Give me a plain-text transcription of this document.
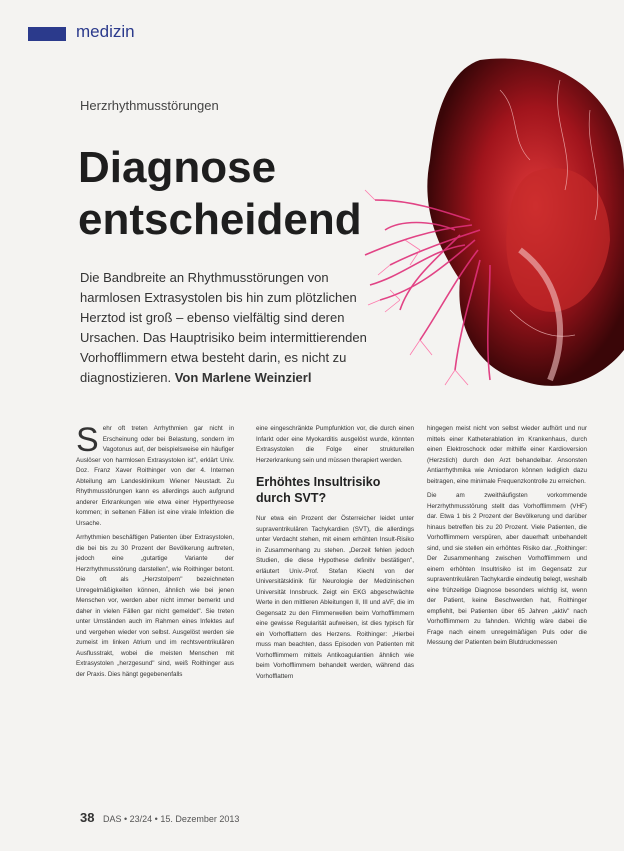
medizin
Herzrhythmusstörungen
Diagnose
entscheidend
Die Bandbreite an Rhythmusstörungen von harmlosen Extrasystolen bis hin zum plötzlichen Herztod ist groß – ebenso vielfältig sind deren Ursachen. Das Hauptrisiko beim intermittierenden Vorhofflimmern etwa besteht darin, es nicht zu diagnostizieren. Von Marlene Weinzierl

Sehr oft treten Arrhythmien gar nicht in Erscheinung oder bei Belastung, sondern im Vagotonus auf, der beispielsweise ein häufiger Auslöser von harmlosen Extrasystolen ist", erklärt Univ. Doz. Franz Xaver Roithinger von der 4. Internen Abteilung am Landesklinikum Wiener Neustadt. Zu Rhythmusstörungen kann es allerdings auch aufgrund anderer Erkrankungen wie etwa einer Hyperthyreose kommen; in seltenen Fällen ist eine virale Infektion die Ursache.

Arrhythmien beschäftigen Patienten über Extrasystolen, die bei bis zu 30 Prozent der Bevölkerung auftreten, jedoch eine „gutartige Variante der Herzrhythmusstörung darstellen", wie Roithinger betont. Die oft als „Herzstolpern" bezeichneten Unregelmäßigkeiten können, ähnlich wie bei jenen Menschen vor, werden aber nicht immer bemerkt und daher in vielen Fällen gar nicht gemeldet". Sie treten unter Umständen auch im Rahmen eines Infektes auf und vergehen wieder von selbst. Ausgelöst werden sie zumeist im linken Atrium und im rechtsventrikulären Ausflusstrakt, wobei die meisten Menschen mit Extrasystolen „herzgesund" sind, weiß Roithinger aus der Praxis. Dies hängt gegebenenfalls

eine eingeschränkte Pumpfunktion vor, die durch einen Infarkt oder eine Myokarditis ausgelöst wurde, könnten Extrasystolen die Folge einer strukturellen Herzerkrankung sein und müssen therapiert werden.

Erhöhtes Insultrisiko durch SVT?

Nur etwa ein Prozent der Österreicher leidet unter supraventrikulären Tachykardien (SVT), die allerdings unter Verdacht stehen, mit einem erhöhten Insult-Risiko in Zusammenhang zu stehen. „Derzeit fehlen jedoch Studien, die diese Hypothese definitiv bestätigen", erläutert Univ.-Prof. Stefan Kiechl von der Universitätsklinik für Neurologie der Medizinischen Universität Innsbruck. Zeigt ein EKG abgeschwächte Werte in den mittleren Ableitungen II, III und aVF, die im Gegensatz zu den Flimmerwellen beim Vorhofflimmern eine gewisse Regularität aufweisen, ist dies typisch für ein Vorhofflattern des Herzens. Roithinger: „Hierbei muss man beachten, dass Episoden von Patienten mit Vorhofflimmern mittels Antikoagulantien ähnlich wie beim Vorhofflimmern behandelt werden, während das Vorhofflattern

hingegen meist nicht von selbst wieder aufhört und nur mittels einer Katheterablation im Krankenhaus, durch einen Elektroschock oder mithilfe einer Kardioversion (Herzstich) durch den Arzt behandelbar. Ansonsten Antiarrhythmika wie Amiodaron können lediglich dazu beitragen, eine minimale Frequenzkontrolle zu erreichen.

Die am zweithäufigsten vorkommende Herzrhythmusstörung stellt das Vorhofflimmern (VHF) dar. Etwa 1 bis 2 Prozent der Bevölkerung und darüber hinaus betreffen bis zu 20 Prozent. Viele Patienten, die Vorhofflimmern verspüren, aber dauerhaft unbehandelt sind, und sie stellen ein erhöhtes Risiko dar. „Roithinger: Der Zusammenhang zwischen Vorhofflimmern und einem erhöhten Insultrisiko ist im Gegensatz zur supraventrikulären Tachykardie eindeutig belegt, weshalb eine frühzeitige Diagnose besonders wichtig ist, wenn der Patient, keine Beschwerden hat, Roithinger empfiehlt, bei Patienten über 65 Jahren „aktiv" nach Vorhofflimmern zu fahnden. Wichtig wäre dabei die Frage nach einem unregelmäßigen Puls oder die Messung der Patienten beim Blutdruckmessen

38 DAS • 23/24 • 15. Dezember 2013
